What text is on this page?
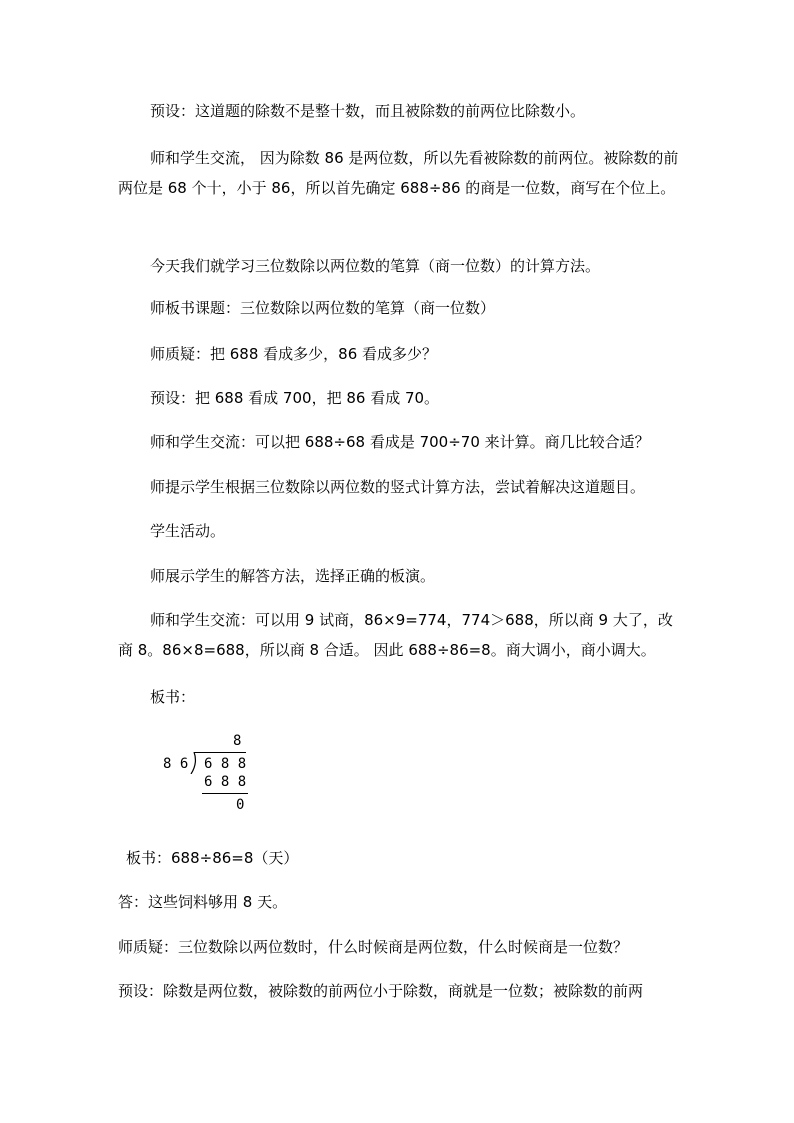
预设：这道题的除数不是整十数，而且被除数的前两位比除数小。
师和学生交流， 因为除数 86 是两位数，所以先看被除数的前两位。被除数的前两位是 68 个十，小于 86，所以首先确定 688÷86 的商是一位数，商写在个位上。
今天我们就学习三位数除以两位数的笔算（商一位数）的计算方法。
师板书课题：三位数除以两位数的笔算（商一位数）
师质疑：把 688 看成多少，86 看成多少？
预设：把 688 看成 700，把 86 看成 70。
师和学生交流：可以把 688÷68 看成是 700÷70 来计算。商几比较合适？
师提示学生根据三位数除以两位数的竖式计算方法，尝试着解决这道题目。
学生活动。
师展示学生的解答方法，选择正确的板演。
师和学生交流：可以用 9 试商，86×9=774，774＞688，所以商 9 大了，改商 8。86×8=688，所以商 8 合适。 因此 688÷86=8。商大调小，商小调大。
板书：
8
8 6 6 8 8
6 8 8
0
板书：688÷86=8（天）
答：这些饲料够用 8 天。
师质疑：三位数除以两位数时，什么时候商是两位数，什么时候商是一位数？
预设：除数是两位数，被除数的前两位小于除数，商就是一位数；被除数的前两
